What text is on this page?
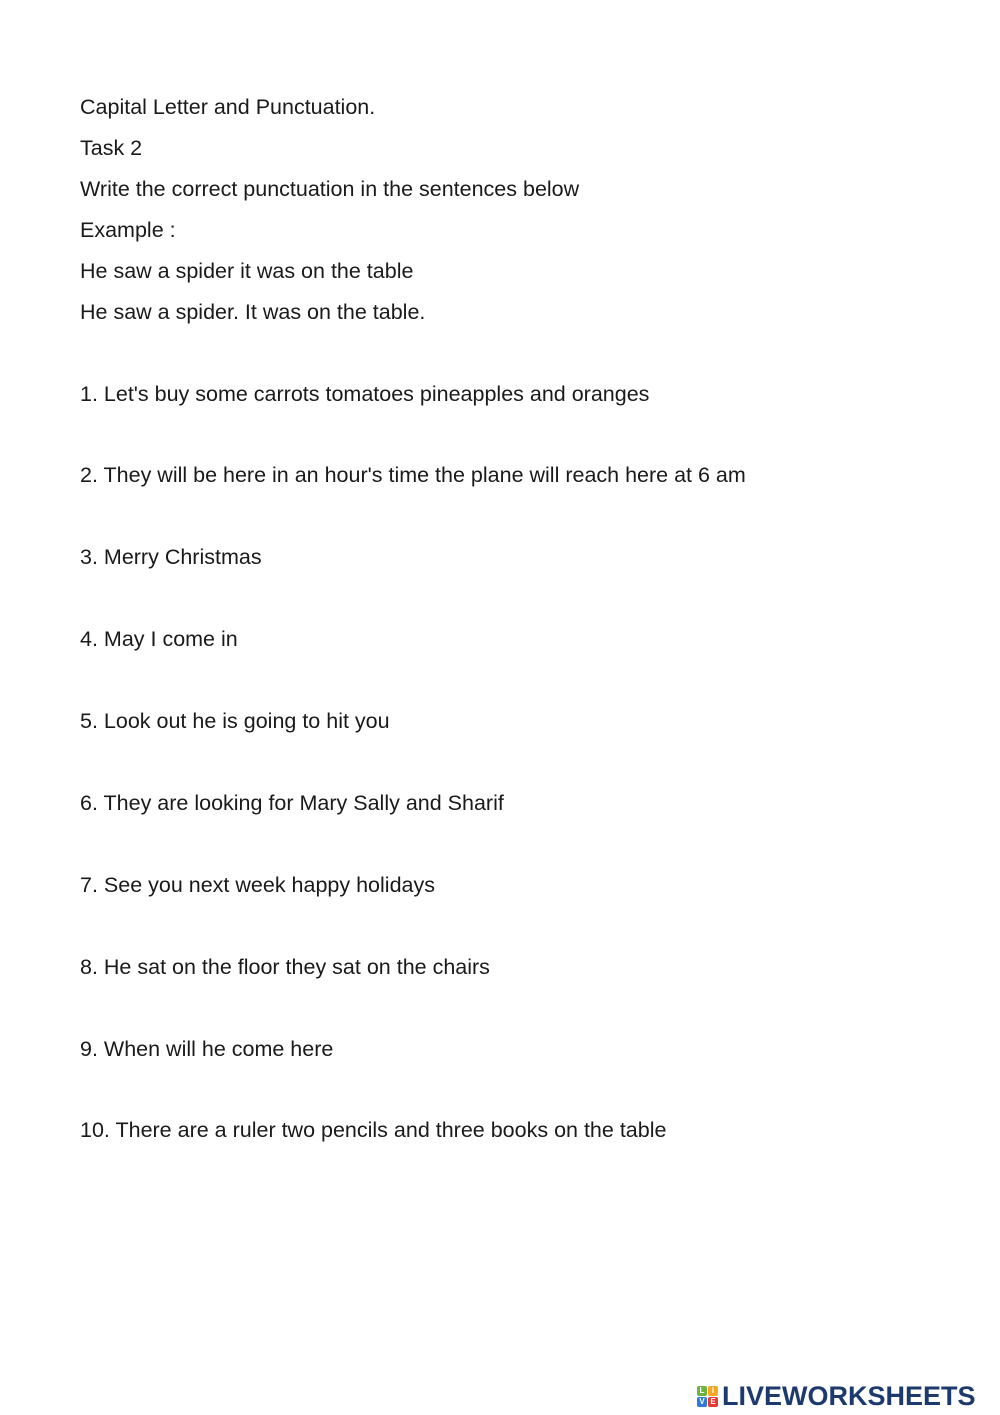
Capital Letter and Punctuation.
Task 2
Write the correct punctuation in the sentences below
Example :
He saw a spider it was on the table
He saw a spider. It was on the table.
1. Let's buy some carrots tomatoes pineapples and oranges
2. They will be here in an hour's time the plane will reach here at 6 am
3. Merry Christmas
4. May I come in
5. Look out he is going to hit you
6. They are looking for Mary Sally and Sharif
7. See you next week happy holidays
8. He sat on the floor they sat on the chairs
9. When will he come here
10. There are a ruler two pencils and three books on the table
L I
V E LIVEWORKSHEETS
